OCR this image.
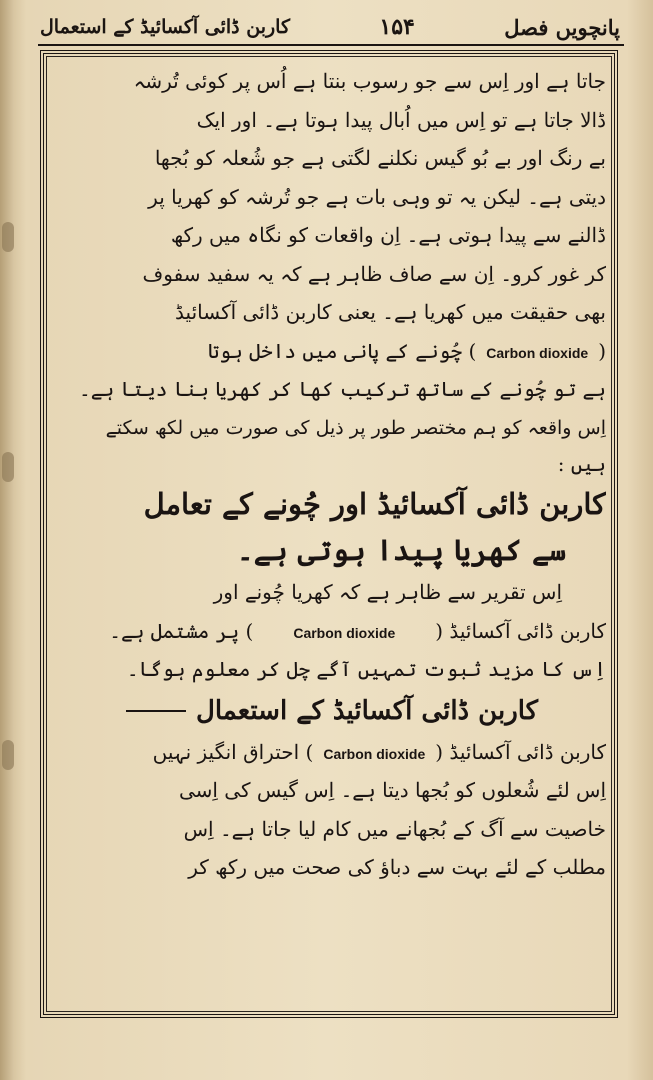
پانچویں فصل
۱۵۴
کاربن ڈائی آکسائیڈ کے استعمال
جاتا ہے اور اِس سے جو رسوب بنتا ہے اُس پر کوئی تُرشہ
ڈالا جاتا ہے تو اِس میں اُبال پیدا ہوتا ہے۔ اور ایک
بے رنگ اور بے بُو گیس نکلنے لگتی ہے جو شُعلہ کو بُجھا
دیتی ہے۔ لیکن یہ تو وہی بات ہے جو تُرشہ کو کھریا پر
ڈالنے سے پیدا ہوتی ہے۔ اِن واقعات کو نگاہ میں رکھ
کر غور کرو۔ اِن سے صاف ظاہر ہے کہ یہ سفید سفوف
بھی حقیقت میں کھریا ہے۔ یعنی کاربن ڈائی آکسائیڈ
(Carbon dioxide) چُونے کے پانی میں داخل ہوتا
ہے تو چُونے کے ساتھ ترکیب کھا کر کھریا بنا دیتا ہے۔
اِس واقعہ کو ہم مختصر طور پر ذیل کی صورت میں لکھ سکتے
ہیں :
کاربن ڈائی آکسائیڈ اور چُونے کے تعامل
سے کھریا پیدا ہوتی ہے۔
اِس تقریر سے ظاہر ہے کہ کھریا چُونے اور
کاربن ڈائی آکسائیڈ (Carbon dioxide) پر مشتمل ہے۔
اِس کا مزید ثبوت تمہیں آگے چل کر معلوم ہوگا۔
کاربن ڈائی آکسائیڈ کے استعمال
کاربن ڈائی آکسائیڈ (Carbon dioxide) احتراق انگیز نہیں
اِس لئے شُعلوں کو بُجھا دیتا ہے۔ اِس گیس کی اِسی
خاصیت سے آگ کے بُجھانے میں کام لیا جاتا ہے۔ اِس
مطلب کے لئے بہت سے دباؤ کی صحت میں رکھ کر
